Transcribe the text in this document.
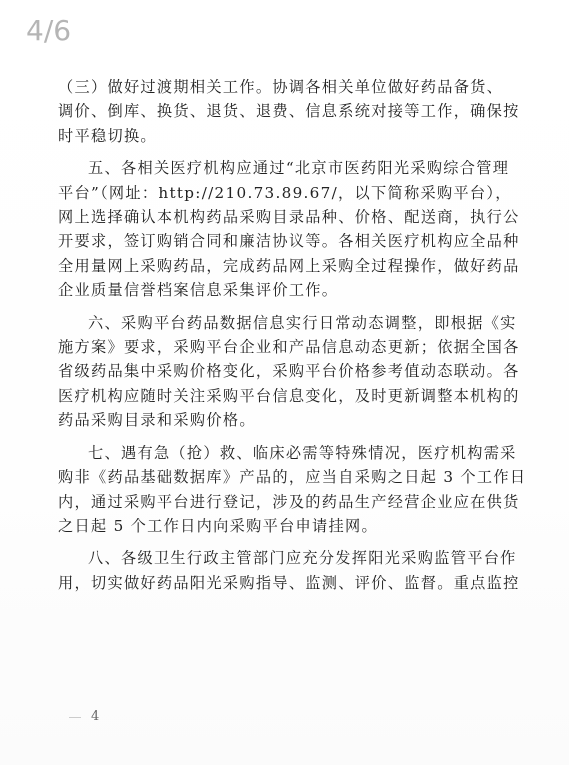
4/6

（三）做好过渡期相关工作。协调各相关单位做好药品备货、
调价、倒库、换货、退货、退费、信息系统对接等工作，确保按
时平稳切换。

五、各相关医疗机构应通过“北京市医药阳光采购综合管理
平台”（网址：http://210.73.89.67/，以下简称采购平台），
网上选择确认本机构药品采购目录品种、价格、配送商，执行公
开要求，签订购销合同和廉洁协议等。各相关医疗机构应全品种
全用量网上采购药品，完成药品网上采购全过程操作，做好药品
企业质量信誉档案信息采集评价工作。

六、采购平台药品数据信息实行日常动态调整，即根据《实
施方案》要求，采购平台企业和产品信息动态更新；依据全国各
省级药品集中采购价格变化，采购平台价格参考值动态联动。各
医疗机构应随时关注采购平台信息变化，及时更新调整本机构的
药品采购目录和采购价格。

七、遇有急（抢）救、临床必需等特殊情况，医疗机构需采
购非《药品基础数据库》产品的，应当自采购之日起 3 个工作日
内，通过采购平台进行登记，涉及的药品生产经营企业应在供货
之日起 5 个工作日内向采购平台申请挂网。

八、各级卫生行政主管部门应充分发挥阳光采购监管平台作
用，切实做好药品阳光采购指导、监测、评价、监督。重点监控

4
